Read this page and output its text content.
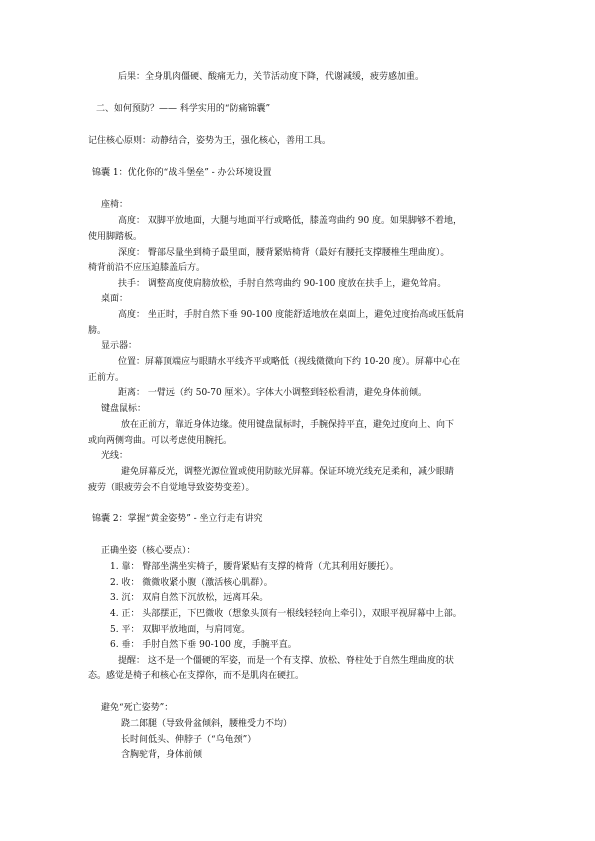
后果：全身肌肉僵硬、酸痛无力，关节活动度下降，代谢减缓，疲劳感加重。
二、如何预防？—— 科学实用的“防痛锦囊”
记住核心原则：动静结合，姿势为王，强化核心，善用工具。
锦囊 1：优化你的“战斗堡垒” - 办公环境设置
座椅：
高度： 双脚平放地面，大腿与地面平行或略低，膝盖弯曲约 90 度。如果脚够不着地，
使用脚踏板。
深度： 臀部尽量坐到椅子最里面，腰背紧贴椅背（最好有腰托支撑腰椎生理曲度）。
椅背前沿不应压迫膝盖后方。
扶手： 调整高度使肩膀放松，手肘自然弯曲约 90-100 度放在扶手上，避免耸肩。
桌面：
高度： 坐正时，手肘自然下垂 90-100 度能舒适地放在桌面上，避免过度抬高或压低肩
膀。
显示器：
位置：屏幕顶端应与眼睛水平线齐平或略低（视线微微向下约 10-20 度）。屏幕中心在
正前方。
距离： 一臂远（约 50-70 厘米）。字体大小调整到轻松看清，避免身体前倾。
键盘鼠标：
放在正前方，靠近身体边缘。使用键盘鼠标时，手腕保持平直，避免过度向上、向下
或向两侧弯曲。可以考虑使用腕托。
光线：
避免屏幕反光，调整光源位置或使用防眩光屏幕。保证环境光线充足柔和，减少眼睛
疲劳（眼疲劳会不自觉地导致姿势变差）。
锦囊 2：掌握“黄金姿势” - 坐立行走有讲究
正确坐姿（核心要点）：
1. 靠： 臀部坐满坐实椅子，腰背紧贴有支撑的椅背（尤其利用好腰托）。
2. 收： 微微收紧小腹（激活核心肌群）。
3. 沉： 双肩自然下沉放松，远离耳朵。
4. 正： 头部摆正，下巴微收（想象头顶有一根线轻轻向上牵引），双眼平视屏幕中上部。
5. 平： 双脚平放地面，与肩同宽。
6. 垂： 手肘自然下垂 90-100 度，手腕平直。
提醒： 这不是一个僵硬的军姿，而是一个有支撑、放松、脊柱处于自然生理曲度的状
态。感觉是椅子和核心在支撑你，而不是肌肉在硬扛。
避免“死亡姿势”：
跷二郎腿（导致骨盆倾斜，腰椎受力不均）
长时间低头、伸脖子（“乌龟颈”）
含胸驼背，身体前倾
